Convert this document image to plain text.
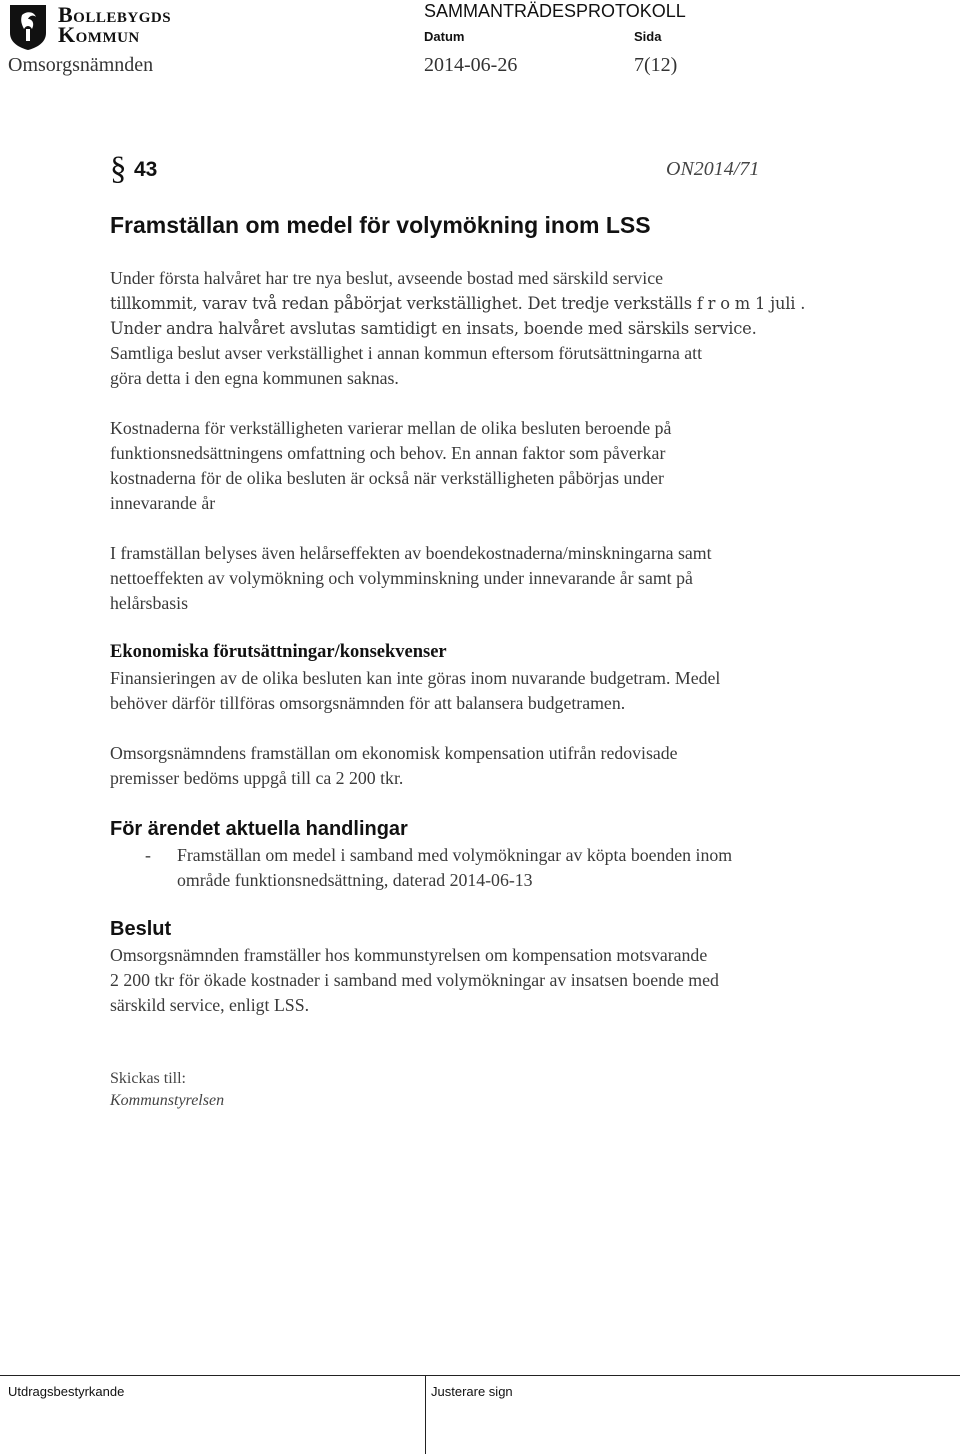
Bollebygds
Kommun
SAMMANTRÄDESPROTOKOLL
Datum	Sida
Omsorgsnämnden	2014-06-26	7(12)
§ 43	ON2014/71
Framställan om medel för volymökning inom LSS
Under första halvåret har tre nya beslut, avseende bostad med särskild service
tillkommit, varav två redan påbörjat verkställighet. Det tredje verkställs f r o m 1 juli .
Under andra halvåret avslutas samtidigt en insats, boende med särskils service.
Samtliga beslut avser verkställighet i annan kommun eftersom förutsättningarna att
göra detta i den egna kommunen saknas.
Kostnaderna för verkställigheten varierar mellan de olika besluten beroende på
funktionsnedsättningens omfattning och behov. En annan faktor som påverkar
kostnaderna för de olika besluten är också när verkställigheten påbörjas under
innevarande år
I framställan belyses även helårseffekten av boendekostnaderna/minskningarna samt
nettoeffekten av volymökning och volymminskning under innevarande år samt på
helårsbasis
Ekonomiska förutsättningar/konsekvenser
Finansieringen av de olika besluten kan inte göras inom nuvarande budgetram. Medel
behöver därför tillföras omsorgsnämnden för att balansera budgetramen.
Omsorgsnämndens framställan om ekonomisk kompensation utifrån redovisade
premisser bedöms uppgå till ca 2 200 tkr.
För ärendet aktuella handlingar
- Framställan om medel i samband med volymökningar av köpta boenden inom
område funktionsnedsättning, daterad 2014-06-13
Beslut
Omsorgsnämnden framställer hos kommunstyrelsen om kompensation motsvarande
2 200 tkr för ökade kostnader i samband med volymökningar av insatsen boende med
särskild service, enligt LSS.
Skickas till:
Kommunstyrelsen
Utdragsbestyrkande	Justerare sign
